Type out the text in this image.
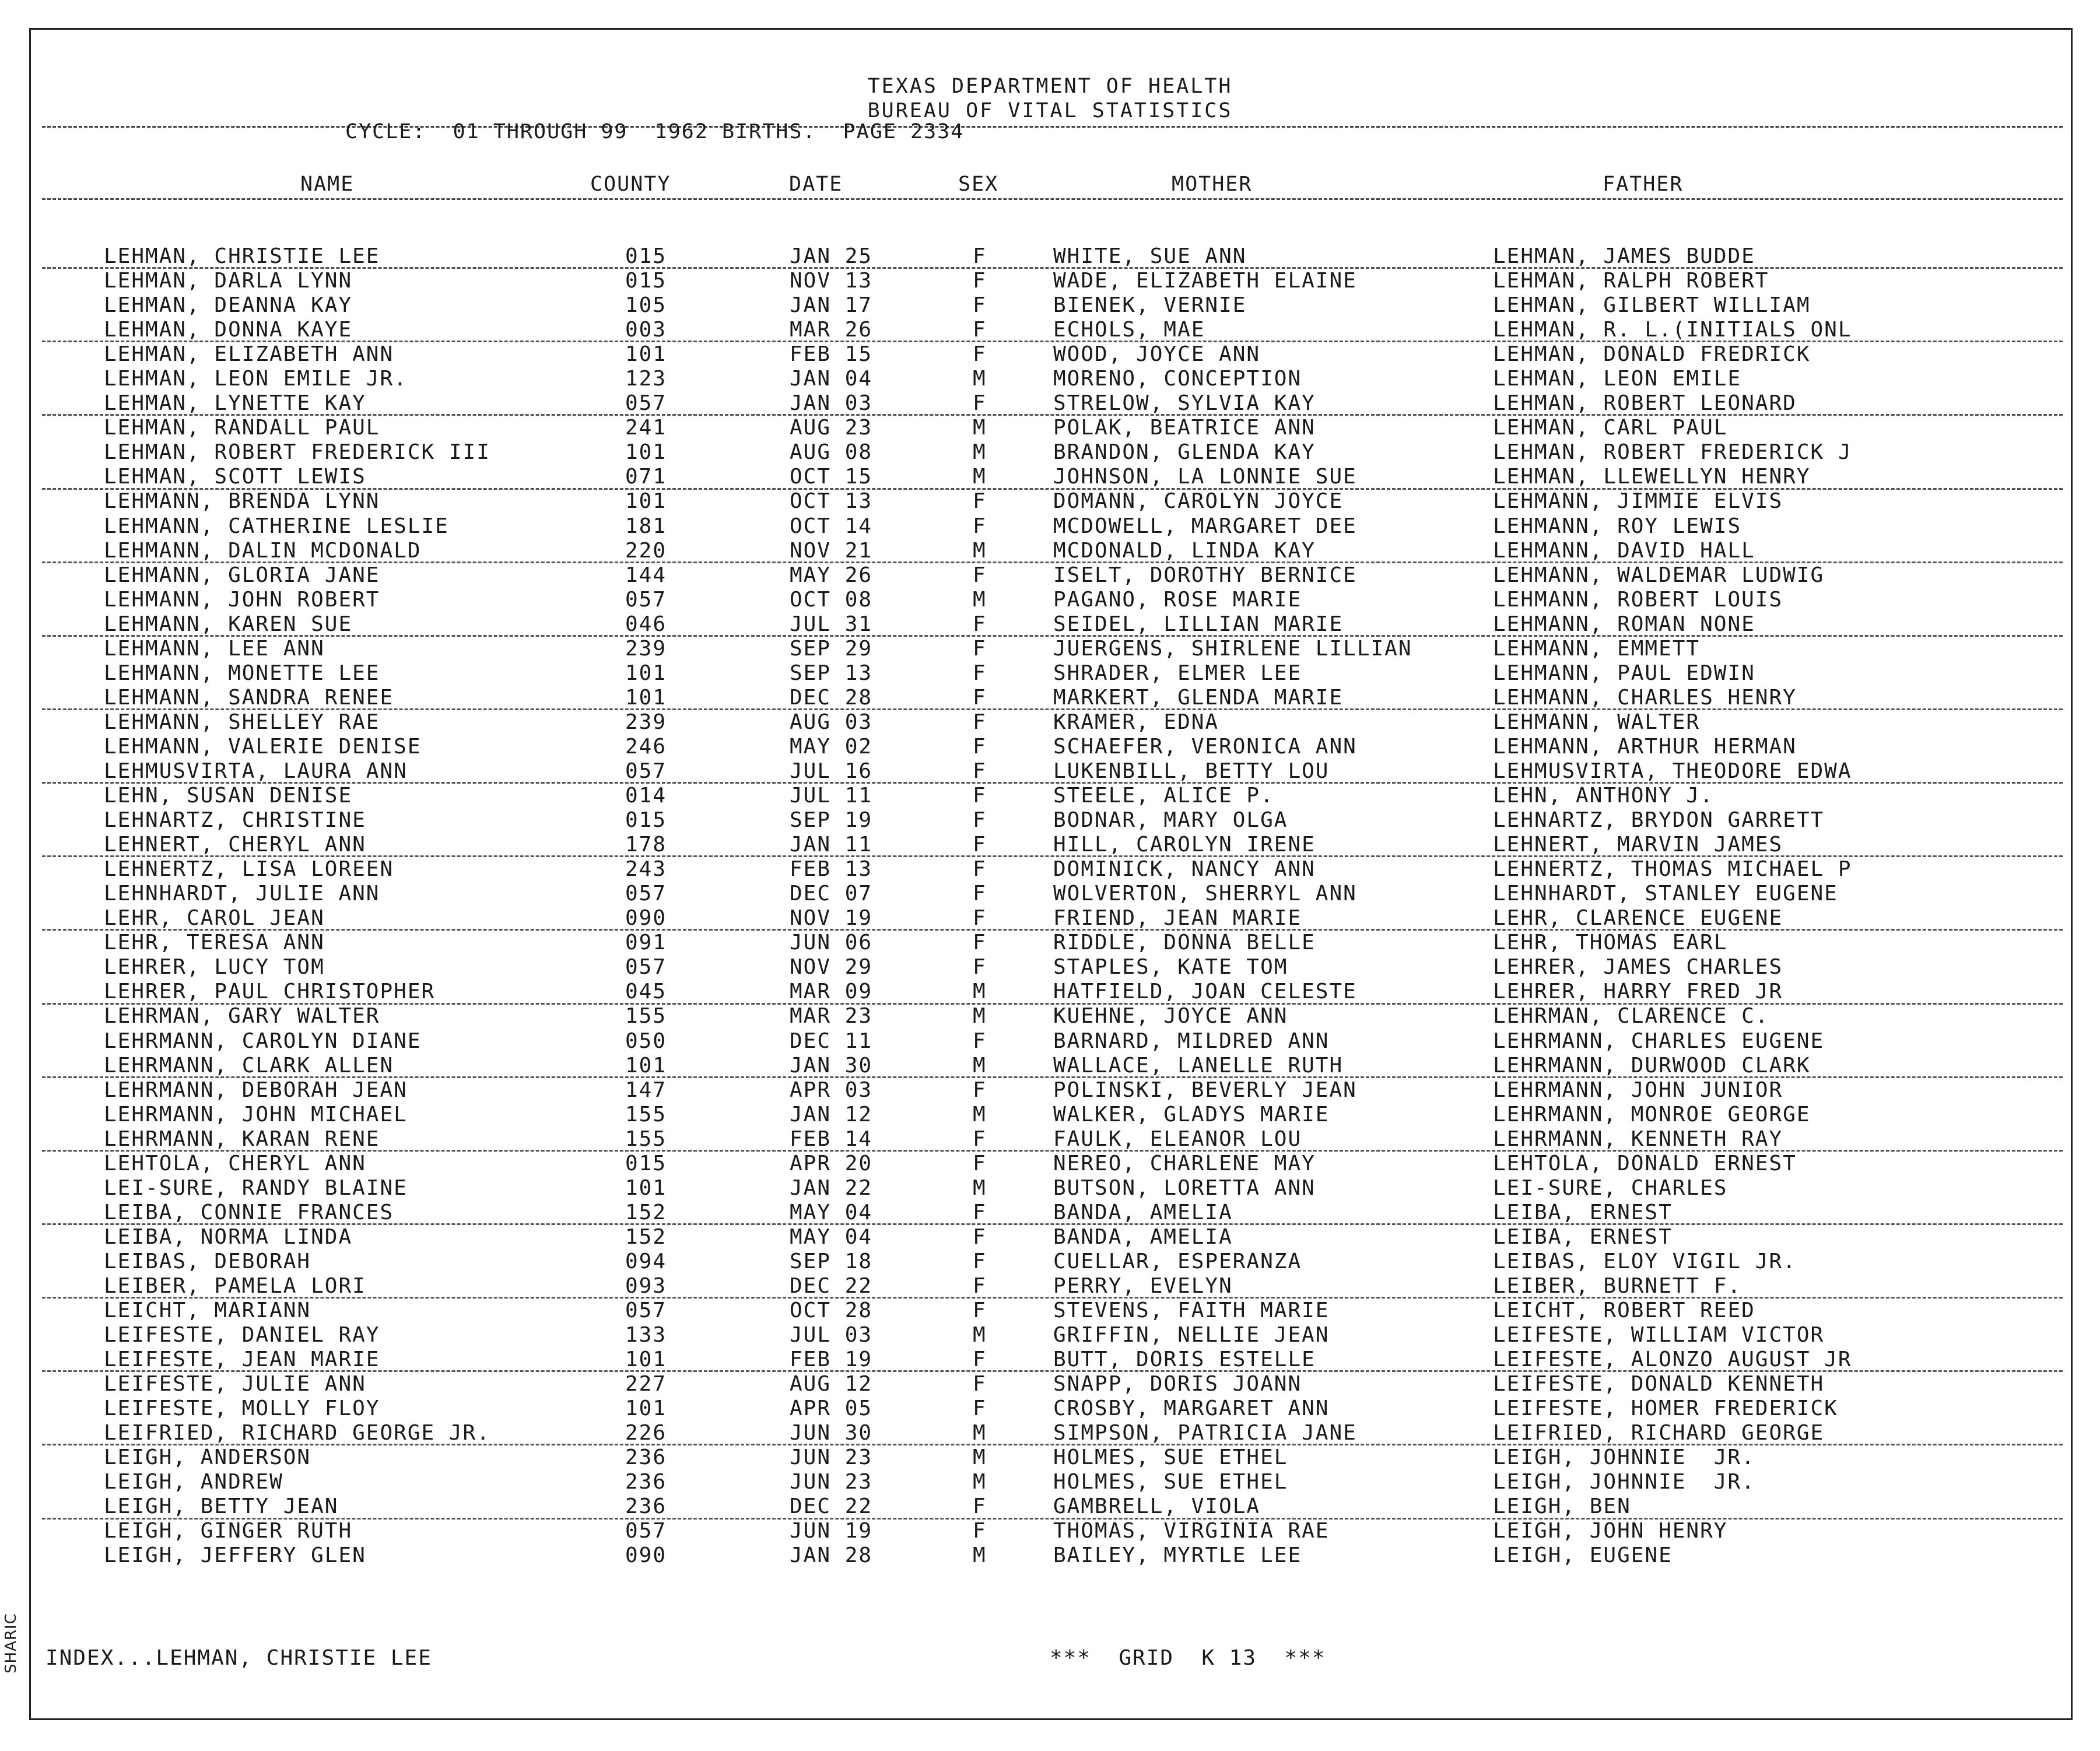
SHARIC
TEXAS DEPARTMENT OF HEALTH
BUREAU OF VITAL STATISTICS
CYCLE:  01 THROUGH 99  1962 BIRTHS.  PAGE 2334
NAME	COUNTY	DATE	SEX	MOTHER	FATHER
LEHMAN, CHRISTIE LEE	015	JAN 25	F	WHITE, SUE ANN	LEHMAN, JAMES BUDDE
LEHMAN, DARLA LYNN	015	NOV 13	F	WADE, ELIZABETH ELAINE	LEHMAN, RALPH ROBERT
LEHMAN, DEANNA KAY	105	JAN 17	F	BIENEK, VERNIE	LEHMAN, GILBERT WILLIAM
LEHMAN, DONNA KAYE	003	MAR 26	F	ECHOLS, MAE	LEHMAN, R. L.(INITIALS ONL
LEHMAN, ELIZABETH ANN	101	FEB 15	F	WOOD, JOYCE ANN	LEHMAN, DONALD FREDRICK
LEHMAN, LEON EMILE JR.	123	JAN 04	M	MORENO, CONCEPTION	LEHMAN, LEON EMILE
LEHMAN, LYNETTE KAY	057	JAN 03	F	STRELOW, SYLVIA KAY	LEHMAN, ROBERT LEONARD
LEHMAN, RANDALL PAUL	241	AUG 23	M	POLAK, BEATRICE ANN	LEHMAN, CARL PAUL
LEHMAN, ROBERT FREDERICK III	101	AUG 08	M	BRANDON, GLENDA KAY	LEHMAN, ROBERT FREDERICK J
LEHMAN, SCOTT LEWIS	071	OCT 15	M	JOHNSON, LA LONNIE SUE	LEHMAN, LLEWELLYN HENRY
LEHMANN, BRENDA LYNN	101	OCT 13	F	DOMANN, CAROLYN JOYCE	LEHMANN, JIMMIE ELVIS
LEHMANN, CATHERINE LESLIE	181	OCT 14	F	MCDOWELL, MARGARET DEE	LEHMANN, ROY LEWIS
LEHMANN, DALIN MCDONALD	220	NOV 21	M	MCDONALD, LINDA KAY	LEHMANN, DAVID HALL
LEHMANN, GLORIA JANE	144	MAY 26	F	ISELT, DOROTHY BERNICE	LEHMANN, WALDEMAR LUDWIG
LEHMANN, JOHN ROBERT	057	OCT 08	M	PAGANO, ROSE MARIE	LEHMANN, ROBERT LOUIS
LEHMANN, KAREN SUE	046	JUL 31	F	SEIDEL, LILLIAN MARIE	LEHMANN, ROMAN NONE
LEHMANN, LEE ANN	239	SEP 29	F	JUERGENS, SHIRLENE LILLIAN	LEHMANN, EMMETT
LEHMANN, MONETTE LEE	101	SEP 13	F	SHRADER, ELMER LEE	LEHMANN, PAUL EDWIN
LEHMANN, SANDRA RENEE	101	DEC 28	F	MARKERT, GLENDA MARIE	LEHMANN, CHARLES HENRY
LEHMANN, SHELLEY RAE	239	AUG 03	F	KRAMER, EDNA	LEHMANN, WALTER
LEHMANN, VALERIE DENISE	246	MAY 02	F	SCHAEFER, VERONICA ANN	LEHMANN, ARTHUR HERMAN
LEHMUSVIRTA, LAURA ANN	057	JUL 16	F	LUKENBILL, BETTY LOU	LEHMUSVIRTA, THEODORE EDWA
LEHN, SUSAN DENISE	014	JUL 11	F	STEELE, ALICE P.	LEHN, ANTHONY J.
LEHNARTZ, CHRISTINE	015	SEP 19	F	BODNAR, MARY OLGA	LEHNARTZ, BRYDON GARRETT
LEHNERT, CHERYL ANN	178	JAN 11	F	HILL, CAROLYN IRENE	LEHNERT, MARVIN JAMES
LEHNERTZ, LISA LOREEN	243	FEB 13	F	DOMINICK, NANCY ANN	LEHNERTZ, THOMAS MICHAEL P
LEHNHARDT, JULIE ANN	057	DEC 07	F	WOLVERTON, SHERRYL ANN	LEHNHARDT, STANLEY EUGENE
LEHR, CAROL JEAN	090	NOV 19	F	FRIEND, JEAN MARIE	LEHR, CLARENCE EUGENE
LEHR, TERESA ANN	091	JUN 06	F	RIDDLE, DONNA BELLE	LEHR, THOMAS EARL
LEHRER, LUCY TOM	057	NOV 29	F	STAPLES, KATE TOM	LEHRER, JAMES CHARLES
LEHRER, PAUL CHRISTOPHER	045	MAR 09	M	HATFIELD, JOAN CELESTE	LEHRER, HARRY FRED JR
LEHRMAN, GARY WALTER	155	MAR 23	M	KUEHNE, JOYCE ANN	LEHRMAN, CLARENCE C.
LEHRMANN, CAROLYN DIANE	050	DEC 11	F	BARNARD, MILDRED ANN	LEHRMANN, CHARLES EUGENE
LEHRMANN, CLARK ALLEN	101	JAN 30	M	WALLACE, LANELLE RUTH	LEHRMANN, DURWOOD CLARK
LEHRMANN, DEBORAH JEAN	147	APR 03	F	POLINSKI, BEVERLY JEAN	LEHRMANN, JOHN JUNIOR
LEHRMANN, JOHN MICHAEL	155	JAN 12	M	WALKER, GLADYS MARIE	LEHRMANN, MONROE GEORGE
LEHRMANN, KARAN RENE	155	FEB 14	F	FAULK, ELEANOR LOU	LEHRMANN, KENNETH RAY
LEHTOLA, CHERYL ANN	015	APR 20	F	NEREO, CHARLENE MAY	LEHTOLA, DONALD ERNEST
LEI-SURE, RANDY BLAINE	101	JAN 22	M	BUTSON, LORETTA ANN	LEI-SURE, CHARLES
LEIBA, CONNIE FRANCES	152	MAY 04	F	BANDA, AMELIA	LEIBA, ERNEST
LEIBA, NORMA LINDA	152	MAY 04	F	BANDA, AMELIA	LEIBA, ERNEST
LEIBAS, DEBORAH	094	SEP 18	F	CUELLAR, ESPERANZA	LEIBAS, ELOY VIGIL JR.
LEIBER, PAMELA LORI	093	DEC 22	F	PERRY, EVELYN	LEIBER, BURNETT F.
LEICHT, MARIANN	057	OCT 28	F	STEVENS, FAITH MARIE	LEICHT, ROBERT REED
LEIFESTE, DANIEL RAY	133	JUL 03	M	GRIFFIN, NELLIE JEAN	LEIFESTE, WILLIAM VICTOR
LEIFESTE, JEAN MARIE	101	FEB 19	F	BUTT, DORIS ESTELLE	LEIFESTE, ALONZO AUGUST JR
LEIFESTE, JULIE ANN	227	AUG 12	F	SNAPP, DORIS JOANN	LEIFESTE, DONALD KENNETH
LEIFESTE, MOLLY FLOY	101	APR 05	F	CROSBY, MARGARET ANN	LEIFESTE, HOMER FREDERICK
LEIFRIED, RICHARD GEORGE JR.	226	JUN 30	M	SIMPSON, PATRICIA JANE	LEIFRIED, RICHARD GEORGE
LEIGH, ANDERSON	236	JUN 23	M	HOLMES, SUE ETHEL	LEIGH, JOHNNIE  JR.
LEIGH, ANDREW	236	JUN 23	M	HOLMES, SUE ETHEL	LEIGH, JOHNNIE  JR.
LEIGH, BETTY JEAN	236	DEC 22	F	GAMBRELL, VIOLA	LEIGH, BEN
LEIGH, GINGER RUTH	057	JUN 19	F	THOMAS, VIRGINIA RAE	LEIGH, JOHN HENRY
LEIGH, JEFFERY GLEN	090	JAN 28	M	BAILEY, MYRTLE LEE	LEIGH, EUGENE
INDEX...LEHMAN, CHRISTIE LEE	***  GRID  K 13  ***
